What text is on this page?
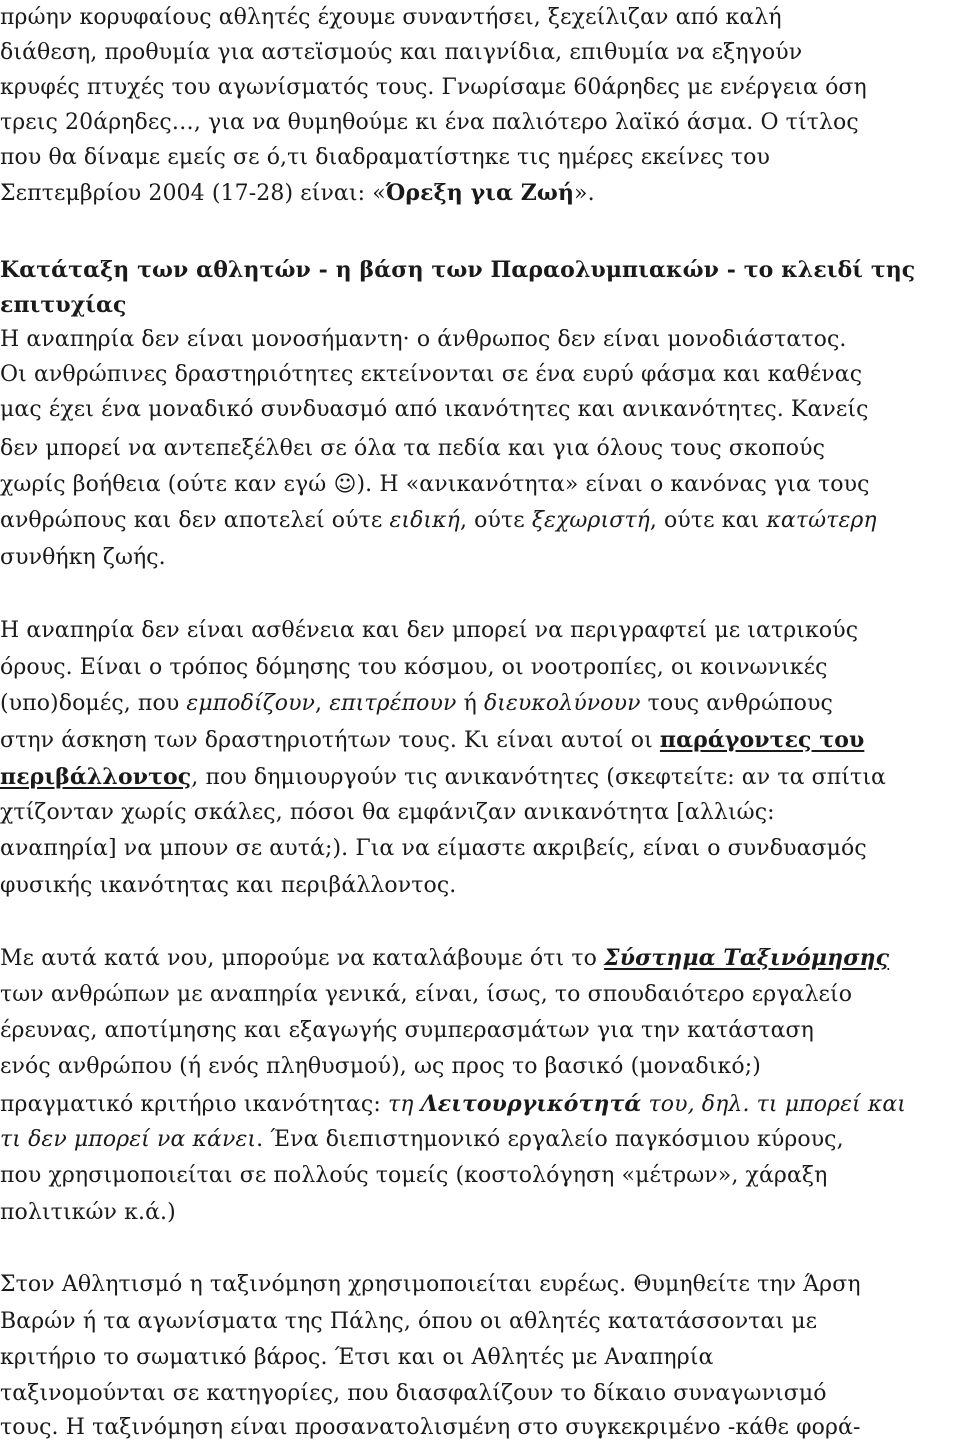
πρώην κορυφαίους αθλητές έχουμε συναντήσει, ξεχείλιζαν από καλή
διάθεση, προθυμία για αστεϊσμούς και παιγνίδια, επιθυμία να εξηγούν
κρυφές πτυχές του αγωνίσματός τους. Γνωρίσαμε 60άρηδες με ενέργεια όση
τρεις 20άρηδες…, για να θυμηθούμε κι ένα παλιότερο λαϊκό άσμα. Ο τίτλος
που θα δίναμε εμείς σε ό,τι διαδραματίστηκε τις ημέρες εκείνες του
Σεπτεμβρίου 2004 (17-28) είναι: «Όρεξη για Ζωή».
Κατάταξη των αθλητών - η βάση των Παραολυμπιακών - το κλειδί της
επιτυχίας
Η αναπηρία δεν είναι μονοσήμαντη· ο άνθρωπος δεν είναι μονοδιάστατος.
Οι ανθρώπινες δραστηριότητες εκτείνονται σε ένα ευρύ φάσμα και καθένας
μας έχει ένα μοναδικό συνδυασμό από ικανότητες και ανικανότητες. Κανείς
δεν μπορεί να αντεπεξέλθει σε όλα τα πεδία και για όλους τους σκοπούς
χωρίς βοήθεια (ούτε καν εγώ ☺). Η «ανικανότητα» είναι ο κανόνας για τους
ανθρώπους και δεν αποτελεί ούτε ειδική, ούτε ξεχωριστή, ούτε και κατώτερη
συνθήκη ζωής.
Η αναπηρία δεν είναι ασθένεια και δεν μπορεί να περιγραφτεί με ιατρικούς
όρους. Είναι ο τρόπος δόμησης του κόσμου, οι νοοτροπίες, οι κοινωνικές
(υπο)δομές, που εμποδίζουν, επιτρέπουν ή διευκολύνουν τους ανθρώπους
στην άσκηση των δραστηριοτήτων τους. Κι είναι αυτοί οι παράγοντες του
περιβάλλοντος, που δημιουργούν τις ανικανότητες (σκεφτείτε: αν τα σπίτια
χτίζονταν χωρίς σκάλες, πόσοι θα εμφάνιζαν ανικανότητα [αλλιώς:
αναπηρία] να μπουν σε αυτά;). Για να είμαστε ακριβείς, είναι ο συνδυασμός
φυσικής ικανότητας και περιβάλλοντος.
Με αυτά κατά νου, μπορούμε να καταλάβουμε ότι το Σύστημα Ταξινόμησης
των ανθρώπων με αναπηρία γενικά, είναι, ίσως, το σπουδαιότερο εργαλείο
έρευνας, αποτίμησης και εξαγωγής συμπερασμάτων για την κατάσταση
ενός ανθρώπου (ή ενός πληθυσμού), ως προς το βασικό (μοναδικό;)
πραγματικό κριτήριο ικανότητας: τη Λειτουργικότητά του, δηλ. τι μπορεί και
τι δεν μπορεί να κάνει. Ένα διεπιστημονικό εργαλείο παγκόσμιου κύρους,
που χρησιμοποιείται σε πολλούς τομείς (κοστολόγηση «μέτρων», χάραξη
πολιτικών κ.ά.)
Στον Αθλητισμό η ταξινόμηση χρησιμοποιείται ευρέως. Θυμηθείτε την Άρση
Βαρών ή τα αγωνίσματα της Πάλης, όπου οι αθλητές κατατάσσονται με
κριτήριο το σωματικό βάρος. Έτσι και οι Αθλητές με Αναπηρία
ταξινομούνται σε κατηγορίες, που διασφαλίζουν το δίκαιο συναγωνισμό
τους. Η ταξινόμηση είναι προσανατολισμένη στο συγκεκριμένο -κάθε φορά-
